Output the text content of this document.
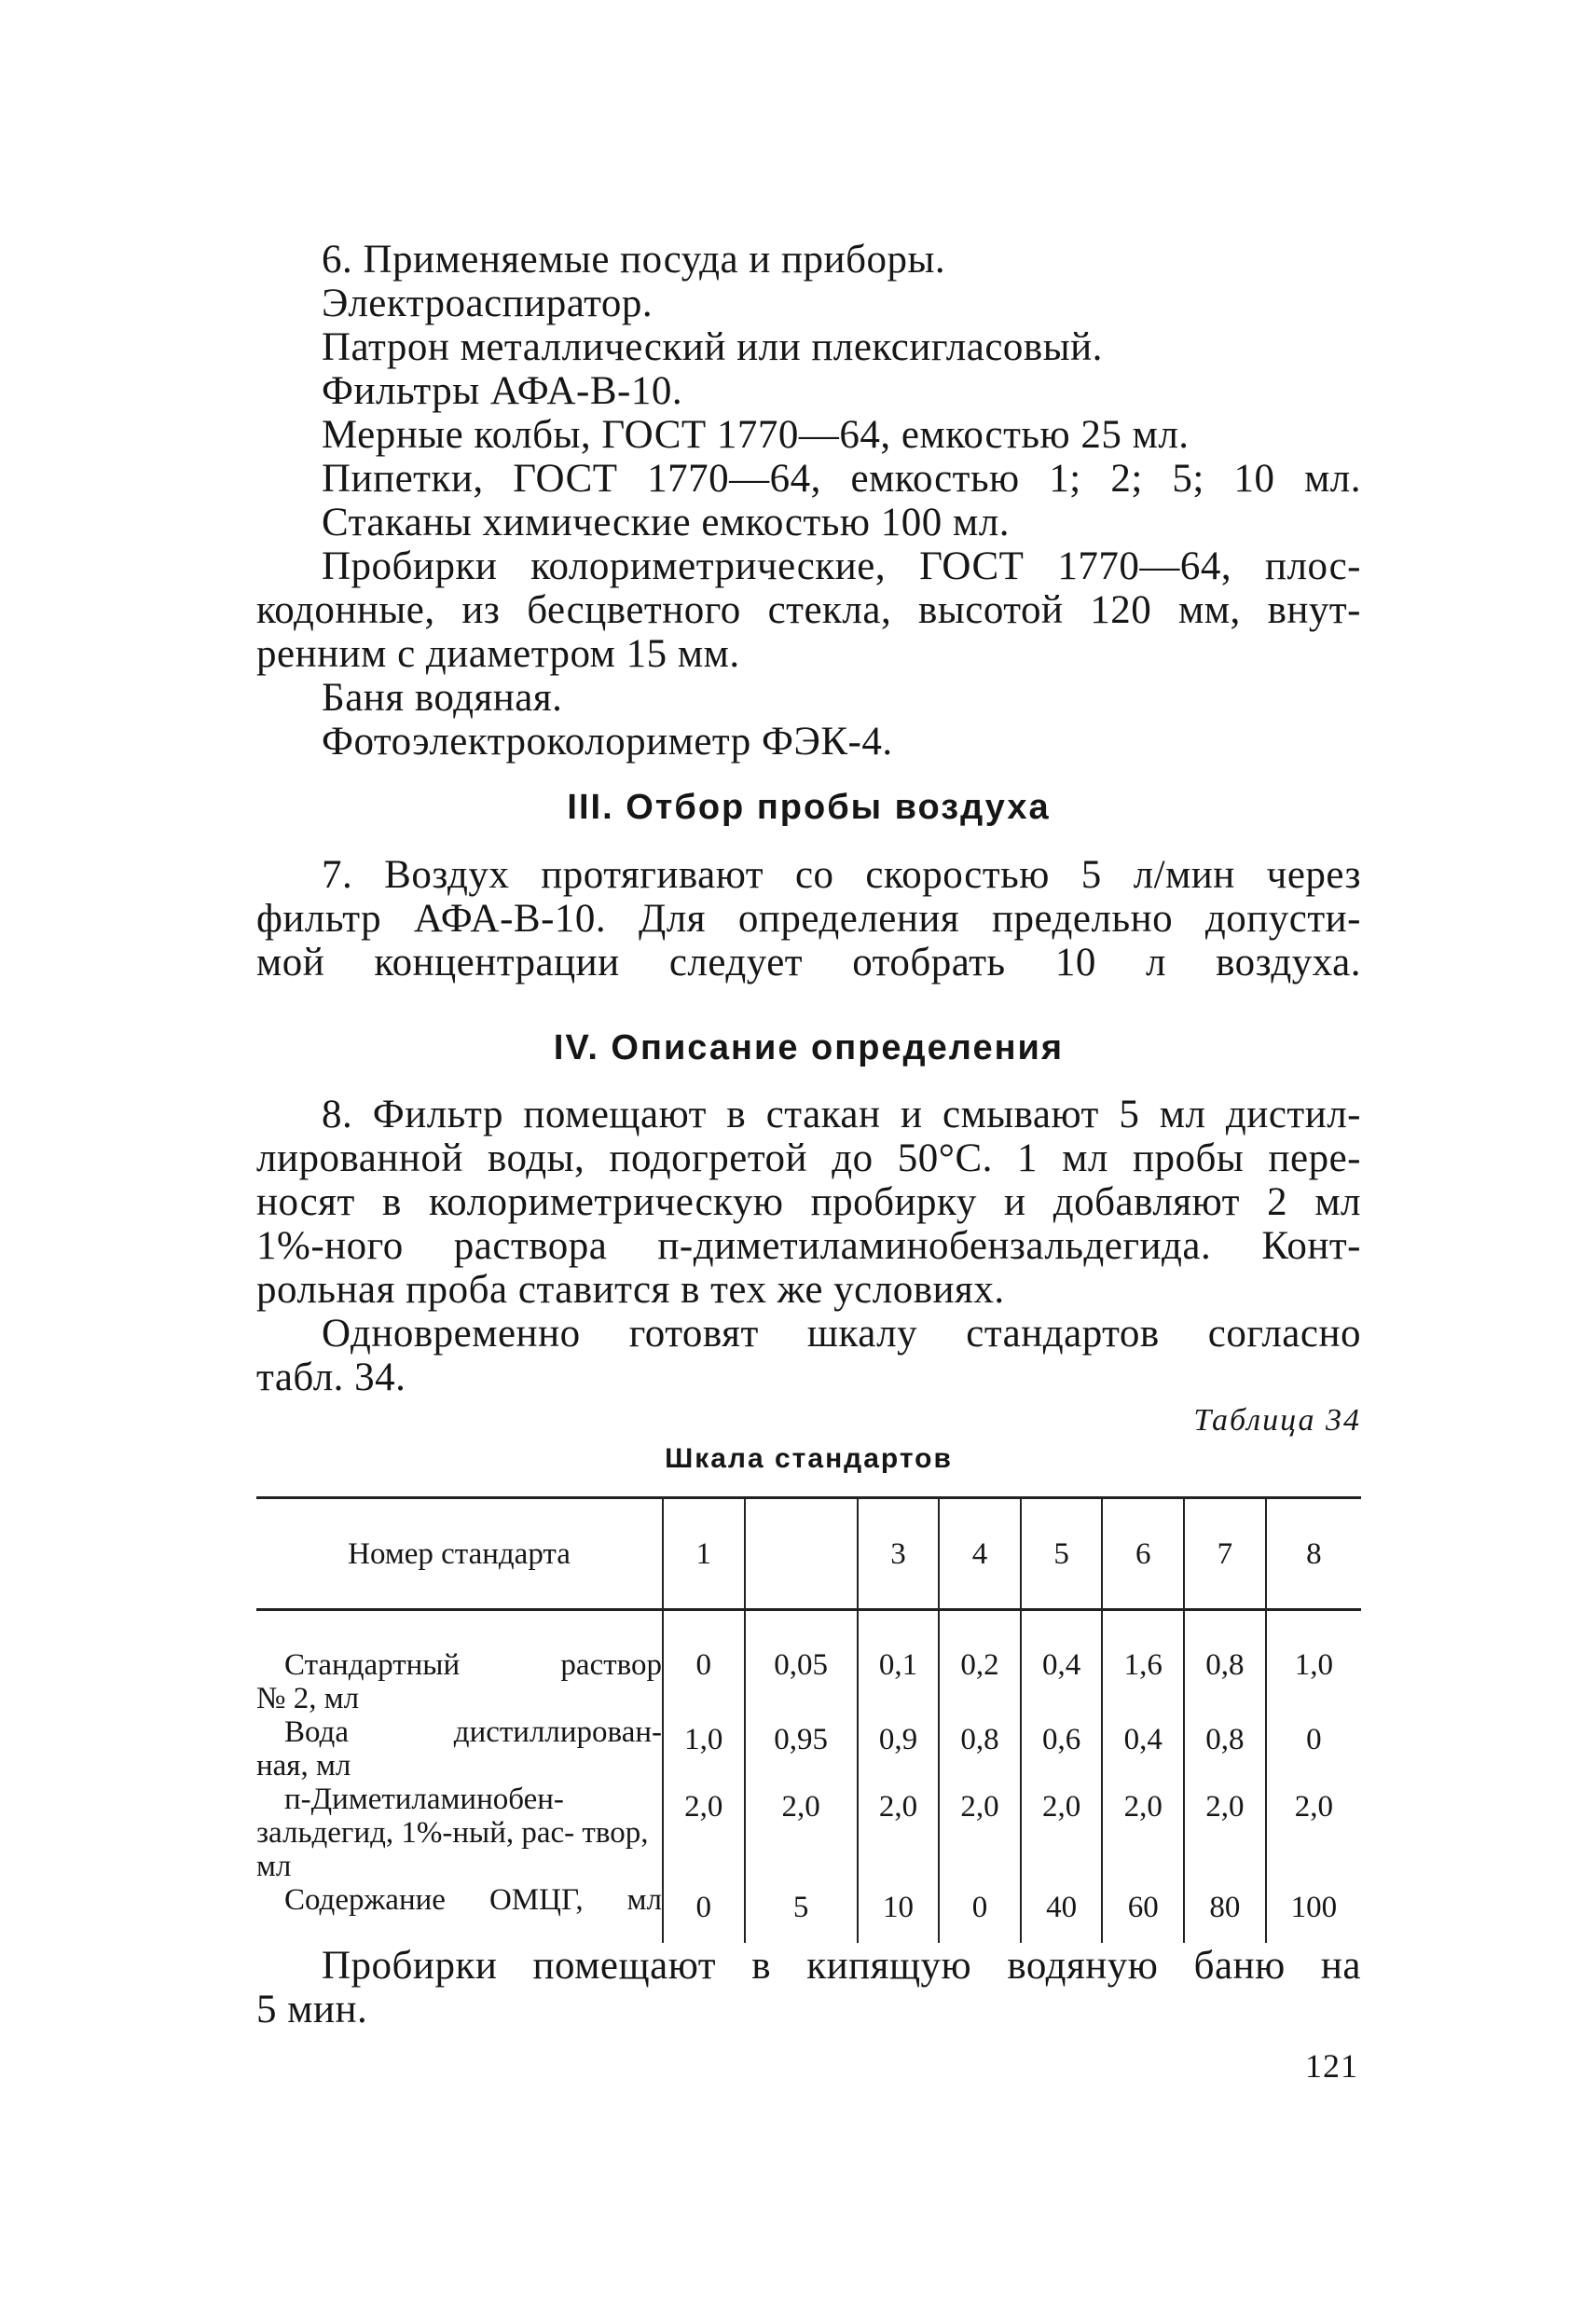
6. Применяемые посуда и приборы.
Электроаспиратор.
Патрон металлический или плексигласовый.
Фильтры АФА-В-10.
Мерные колбы, ГОСТ 1770—64, емкостью 25 мл.
Пипетки, ГОСТ 1770—64, емкостью 1; 2; 5; 10 мл.
Стаканы химические емкостью 100 мл.
Пробирки колориметрические, ГОСТ 1770—64, плос-
кодонные, из бесцветного стекла, высотой 120 мм, внут-
ренним с диаметром 15 мм.
Баня водяная.
Фотоэлектроколориметр ФЭК-4.
III. Отбор пробы воздуха
7. Воздух протягивают со скоростью 5 л/мин через
фильтр АФА-В-10. Для определения предельно допусти-
мой концентрации следует отобрать 10 л воздуха.
IV. Описание определения
8. Фильтр помещают в стакан и смывают 5 мл дистил-
лированной воды, подогретой до 50°С. 1 мл пробы пере-
носят в колориметрическую пробирку и добавляют 2 мл
1%-ного раствора п-диметиламинобензальдегида. Конт-
рольная проба ставится в тех же условиях.
Одновременно готовят шкалу стандартов согласно
табл. 34.
Таблица 34
Шкала стандартов
Номер стандарта	1		3	4	5	6	7	8

Стандартный раствор
№ 2, мл	0	0,05	0,1	0,2	0,4	1,6	0,8	1,0

Вода дистиллирован-
ная, мл	1,0	0,95	0,9	0,8	0,6	0,4	0,8	0

п-Диметиламинобен-
зальдегид, 1%-ный, рас- твор, мл	2,0	2,0	2,0	2,0	2,0	2,0	2,0	2,0

Содержание ОМЦГ, мл	0	5	10	0	40	60	80	100
Пробирки помещают в кипящую водяную баню на
5 мин.
121
